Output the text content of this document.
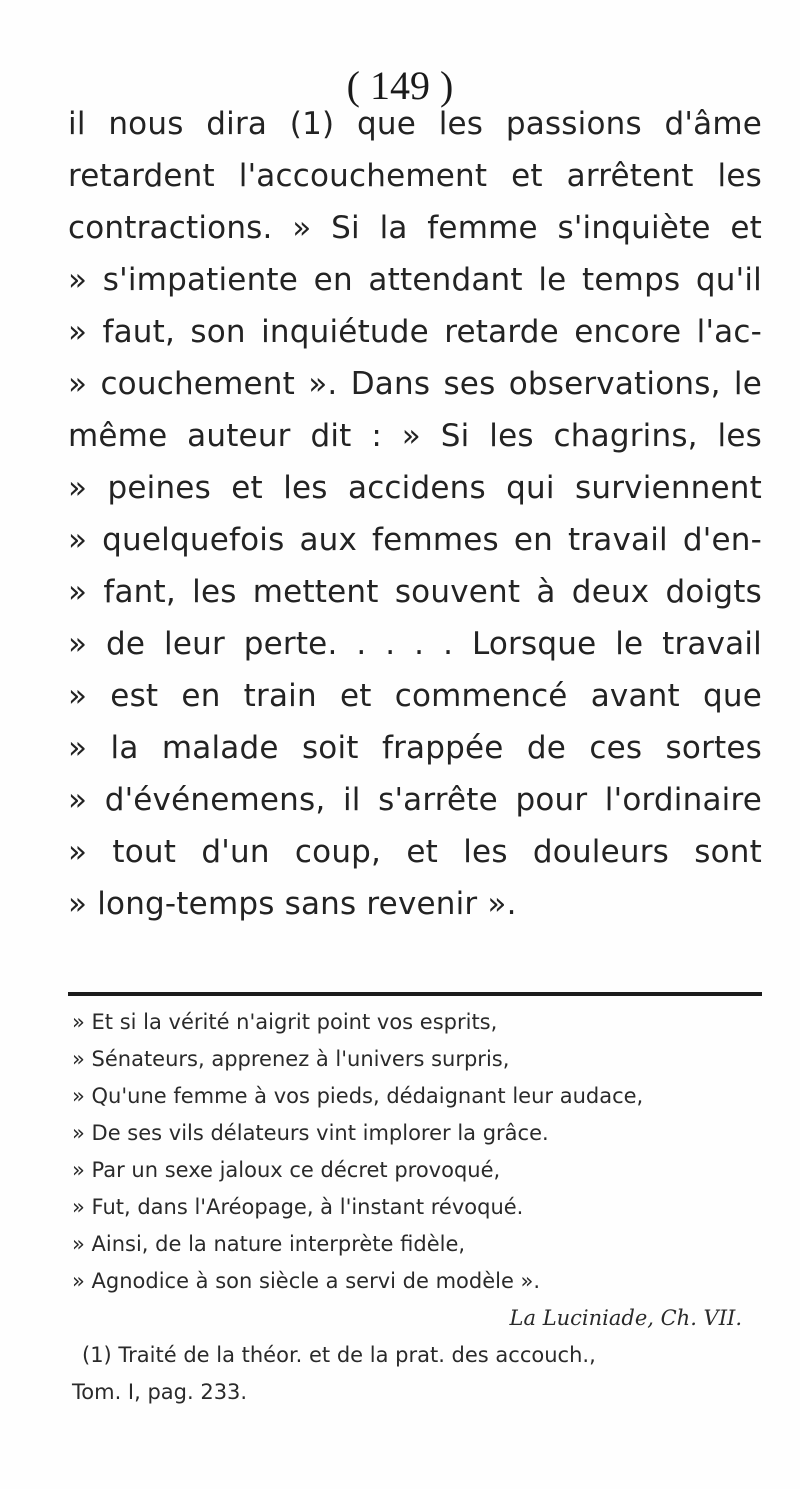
( 149 )
il nous dira (1) que les passions d'âme
retardent l'accouchement et arrêtent les
contractions. » Si la femme s'inquiète et
» s'impatiente en attendant le temps qu'il
» faut, son inquiétude retarde encore l'ac-
» couchement ». Dans ses observations, le
même auteur dit : » Si les chagrins, les
» peines et les accidens qui surviennent
» quelquefois aux femmes en travail d'en-
» fant, les mettent souvent à deux doigts
» de leur perte. . . . . Lorsque le travail
» est en train et commencé avant que
» la malade soit frappée de ces sortes
» d'événemens, il s'arrête pour l'ordinaire
» tout d'un coup, et les douleurs sont
» long-temps sans revenir ».
» Et si la vérité n'aigrit point vos esprits,
» Sénateurs, apprenez à l'univers surpris,
» Qu'une femme à vos pieds, dédaignant leur audace,
» De ses vils délateurs vint implorer la grâce.
» Par un sexe jaloux ce décret provoqué,
» Fut, dans l'Aréopage, à l'instant révoqué.
» Ainsi, de la nature interprète fidèle,
» Agnodice à son siècle a servi de modèle ».
La Luciniade, Ch. VII.
(1) Traité de la théor. et de la prat. des accouch.,
Tom. I, pag. 233.
